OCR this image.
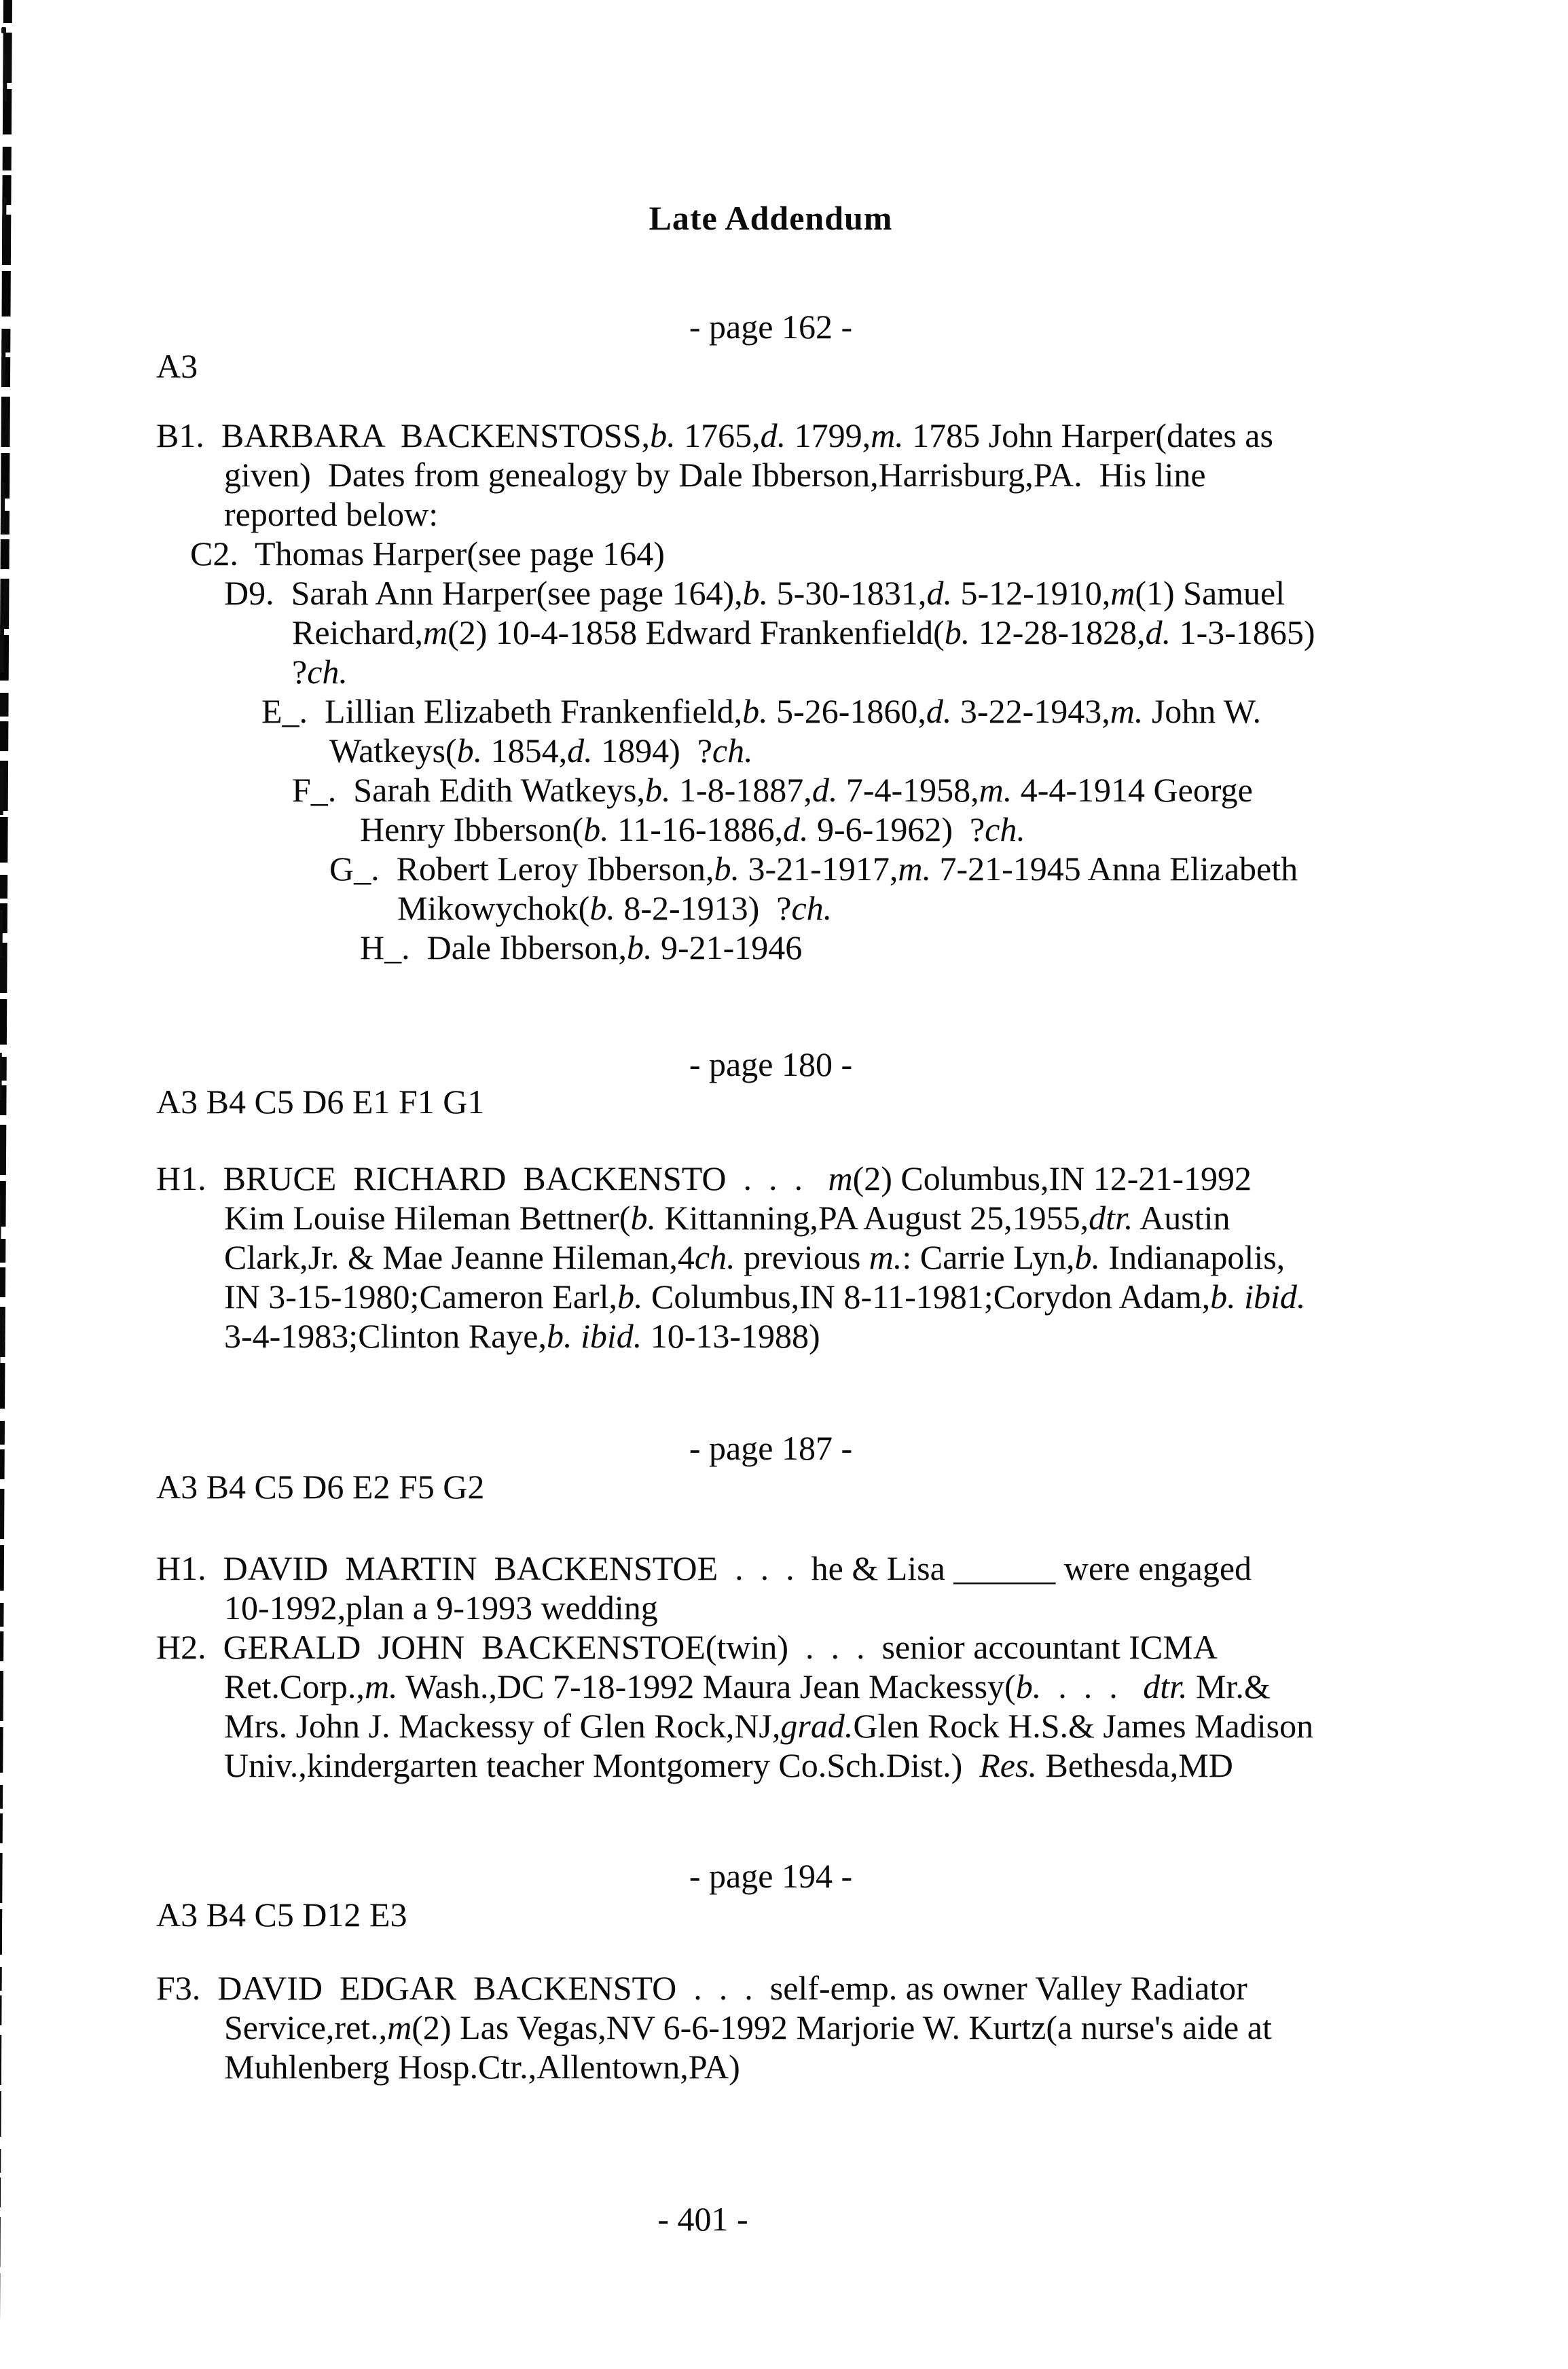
Late Addendum
- page 162 -
A3
B1.  BARBARA  BACKENSTOSS,b. 1765,d. 1799,m. 1785 John Harper(dates as
given)  Dates from genealogy by Dale Ibberson,Harrisburg,PA.  His line
reported below:
C2.  Thomas Harper(see page 164)
D9.  Sarah Ann Harper(see page 164),b. 5-30-1831,d. 5-12-1910,m(1) Samuel
Reichard,m(2) 10-4-1858 Edward Frankenfield(b. 12-28-1828,d. 1-3-1865)
?ch.
E_.  Lillian Elizabeth Frankenfield,b. 5-26-1860,d. 3-22-1943,m. John W.
Watkeys(b. 1854,d. 1894)  ?ch.
F_.  Sarah Edith Watkeys,b. 1-8-1887,d. 7-4-1958,m. 4-4-1914 George
Henry Ibberson(b. 11-16-1886,d. 9-6-1962)  ?ch.
G_.  Robert Leroy Ibberson,b. 3-21-1917,m. 7-21-1945 Anna Elizabeth
Mikowychok(b. 8-2-1913)  ?ch.
H_.  Dale Ibberson,b. 9-21-1946
- page 180 -
A3 B4 C5 D6 E1 F1 G1
H1.  BRUCE  RICHARD  BACKENSTO  .  .  .   m(2) Columbus,IN 12-21-1992
Kim Louise Hileman Bettner(b. Kittanning,PA August 25,1955,dtr. Austin
Clark,Jr. & Mae Jeanne Hileman,4ch. previous m.: Carrie Lyn,b. Indianapolis,
IN 3-15-1980;Cameron Earl,b. Columbus,IN 8-11-1981;Corydon Adam,b. ibid.
3-4-1983;Clinton Raye,b. ibid. 10-13-1988)
- page 187 -
A3 B4 C5 D6 E2 F5 G2
H1.  DAVID  MARTIN  BACKENSTOE  .  .  .  he & Lisa ______ were engaged
10-1992,plan a 9-1993 wedding
H2.  GERALD  JOHN  BACKENSTOE(twin)  .  .  .  senior accountant ICMA
Ret.Corp.,m. Wash.,DC 7-18-1992 Maura Jean Mackessy(b.  .  .  .   dtr. Mr.&
Mrs. John J. Mackessy of Glen Rock,NJ,grad.Glen Rock H.S.& James Madison
Univ.,kindergarten teacher Montgomery Co.Sch.Dist.)  Res. Bethesda,MD
- page 194 -
A3 B4 C5 D12 E3
F3.  DAVID  EDGAR  BACKENSTO  .  .  .  self-emp. as owner Valley Radiator
Service,ret.,m(2) Las Vegas,NV 6-6-1992 Marjorie W. Kurtz(a nurse's aide at
Muhlenberg Hosp.Ctr.,Allentown,PA)
- 401 -
